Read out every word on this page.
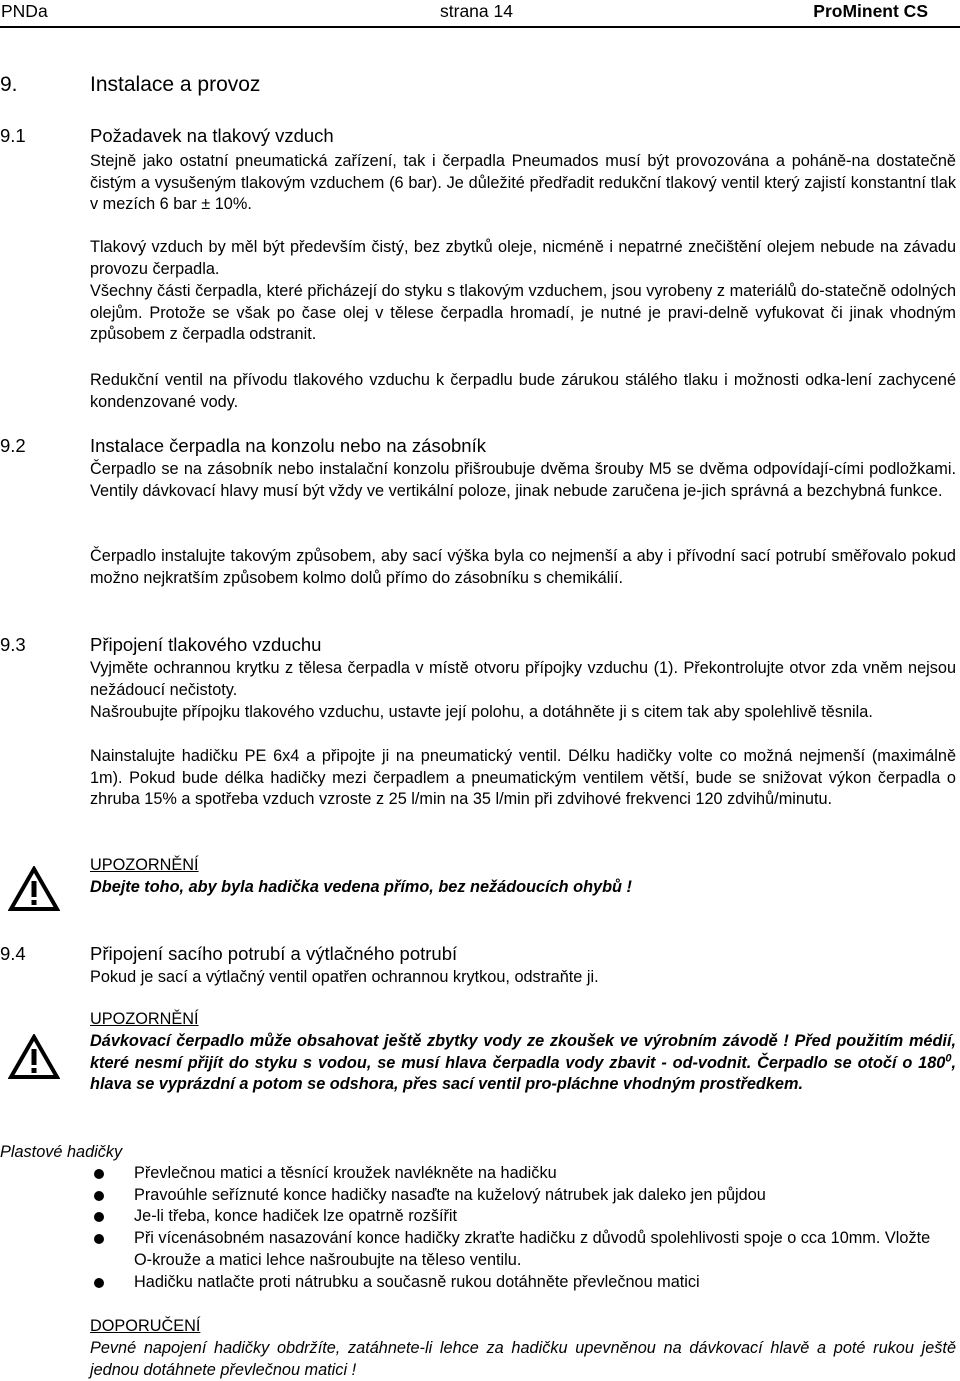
PNDa	strana 14	ProMinent CS
9.	Instalace a provoz
9.1	Požadavek na tlakový vzduch
Stejně jako ostatní pneumatická zařízení, tak i čerpadla Pneumados musí být provozována a poháně-na dostatečně čistým a vysušeným tlakovým vzduchem (6 bar). Je důležité předřadit redukční tlakový ventil který zajistí konstantní tlak v mezích 6 bar ± 10%.
Tlakový vzduch by měl být především čistý, bez zbytků oleje, nicméně i nepatrné znečištění olejem nebude na závadu provozu čerpadla.
Všechny části čerpadla, které přicházejí do styku s tlakovým vzduchem, jsou vyrobeny z materiálů do-statečně odolných olejům. Protože se však po čase olej v tělese čerpadla hromadí, je nutné je pravi-delně vyfukovat či jinak vhodným způsobem z čerpadla odstranit.
Redukční ventil na přívodu tlakového vzduchu k čerpadlu bude zárukou stálého tlaku i možnosti odka-lení zachycené kondenzované vody.
9.2	Instalace čerpadla na konzolu nebo na zásobník
Čerpadlo se na zásobník nebo instalační konzolu přišroubuje dvěma šrouby M5 se dvěma odpovídají-cími podložkami. Ventily dávkovací hlavy musí být vždy ve vertikální poloze, jinak nebude zaručena je-jich správná a bezchybná funkce.
Čerpadlo instalujte takovým způsobem, aby sací výška byla co nejmenší a aby i přívodní sací potrubí směřovalo pokud možno nejkratším způsobem kolmo dolů přímo do zásobníku s chemikálií.
9.3	Připojení tlakového vzduchu
Vyjměte ochrannou krytku z tělesa čerpadla v místě otvoru přípojky vzduchu (1). Překontrolujte otvor zda vněm nejsou nežádoucí nečistoty.
Našroubujte přípojku tlakového vzduchu, ustavte její polohu, a dotáhněte ji s citem tak aby spolehlivě těsnila.
Nainstalujte hadičku PE 6x4 a připojte ji na pneumatický ventil. Délku hadičky volte co možná nejmenší (maximálně 1m). Pokud bude délka hadičky mezi čerpadlem a pneumatickým ventilem větší, bude se snižovat výkon čerpadla o zhruba 15% a spotřeba vzduch vzroste z 25 l/min na 35 l/min při zdvihové frekvenci 120 zdvihů/minutu.
UPOZORNĚNÍ
Dbejte toho, aby byla hadička vedena přímo, bez nežádoucích ohybů !
9.4	Připojení sacího potrubí a výtlačného potrubí
Pokud je sací a výtlačný ventil opatřen ochrannou krytkou, odstraňte ji.
UPOZORNĚNÍ
Dávkovací čerpadlo může obsahovat ještě zbytky vody ze zkoušek ve výrobním závodě ! Před použitím médií, které nesmí přijít do styku s vodou, se musí hlava čerpadla vody zbavit - od-vodnit. Čerpadlo se otočí o $180^0$, hlava se vyprázdní a potom se odshora, přes sací ventil pro-pláchne vhodným prostředkem.
Plastové hadičky
Převlečnou matici a těsnící kroužek navlékněte na hadičku
Pravoúhle seříznuté konce hadičky nasaďte na kuželový nátrubek jak daleko jen půjdou
Je-li třeba, konce hadiček lze opatrně rozšířit
Při vícenásobném nasazování konce hadičky zkraťte hadičku z důvodů spolehlivosti spoje o cca 10mm. Vložte O-krouže a matici lehce našroubujte na těleso ventilu.
Hadičku natlačte proti nátrubku a současně rukou dotáhněte převlečnou matici
DOPORUČENÍ
Pevné napojení hadičky obdržíte, zatáhnete-li lehce za hadičku upevněnou na dávkovací hlavě a poté rukou ještě jednou dotáhnete převlečnou matici !
